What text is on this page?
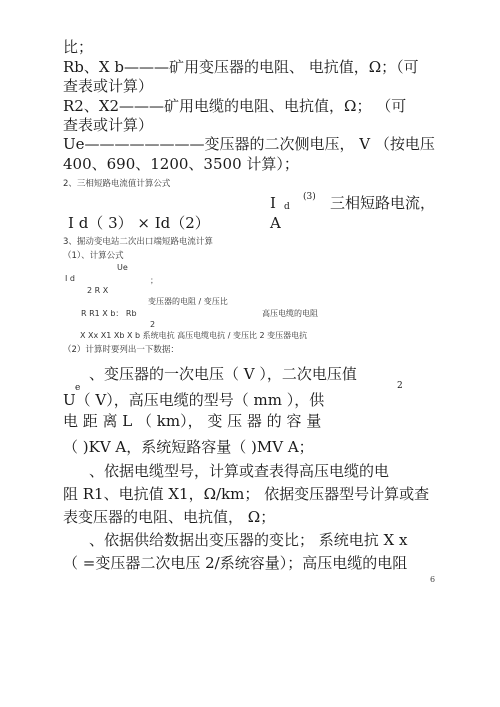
比；
Rb、X b———矿用变压器的电阻、 电抗值，Ω；（可
查表或计算）
R2、X2———矿用电缆的电阻、电抗值，Ω； （可
查表或计算）
Ue————————变压器的二次侧电压， V （按电压
400、690、1200、3500 计算）；
2、三相短路电流值计算公式
I d
(3) 三相短路电流，
A
I d（ 3） × Id（2）
3、掘动变电站二次出口端短路电流计算
（1）、计算公式
Ue
I d	；
2 R X
变压器的电阻 / 变压比
R R1 X b： Rb	高压电缆的电阻
2
X Xx X1 Xb X b 系统电抗 高压电缆电抗 / 变压比 2 变压器电抗
（2）计算时要列出一下数据：
、变压器的一次电压（ V ），二次电压值
e	2
U（ V），高压电缆的型号（ mm ），供
电 距 离 L （ km）， 变 压 器 的 容 量
（ )KV A，系统短路容量（ )MV A；
、依据电缆型号，计算或查表得高压电缆的电
阻 R1、电抗值 X1，Ω/km； 依据变压器型号计算或查
表变压器的电阻、电抗值， Ω；
、依据供给数据出变压器的变比； 系统电抗 X x
（ =变压器二次电压 2/系统容量）；高压电缆的电阻
6
